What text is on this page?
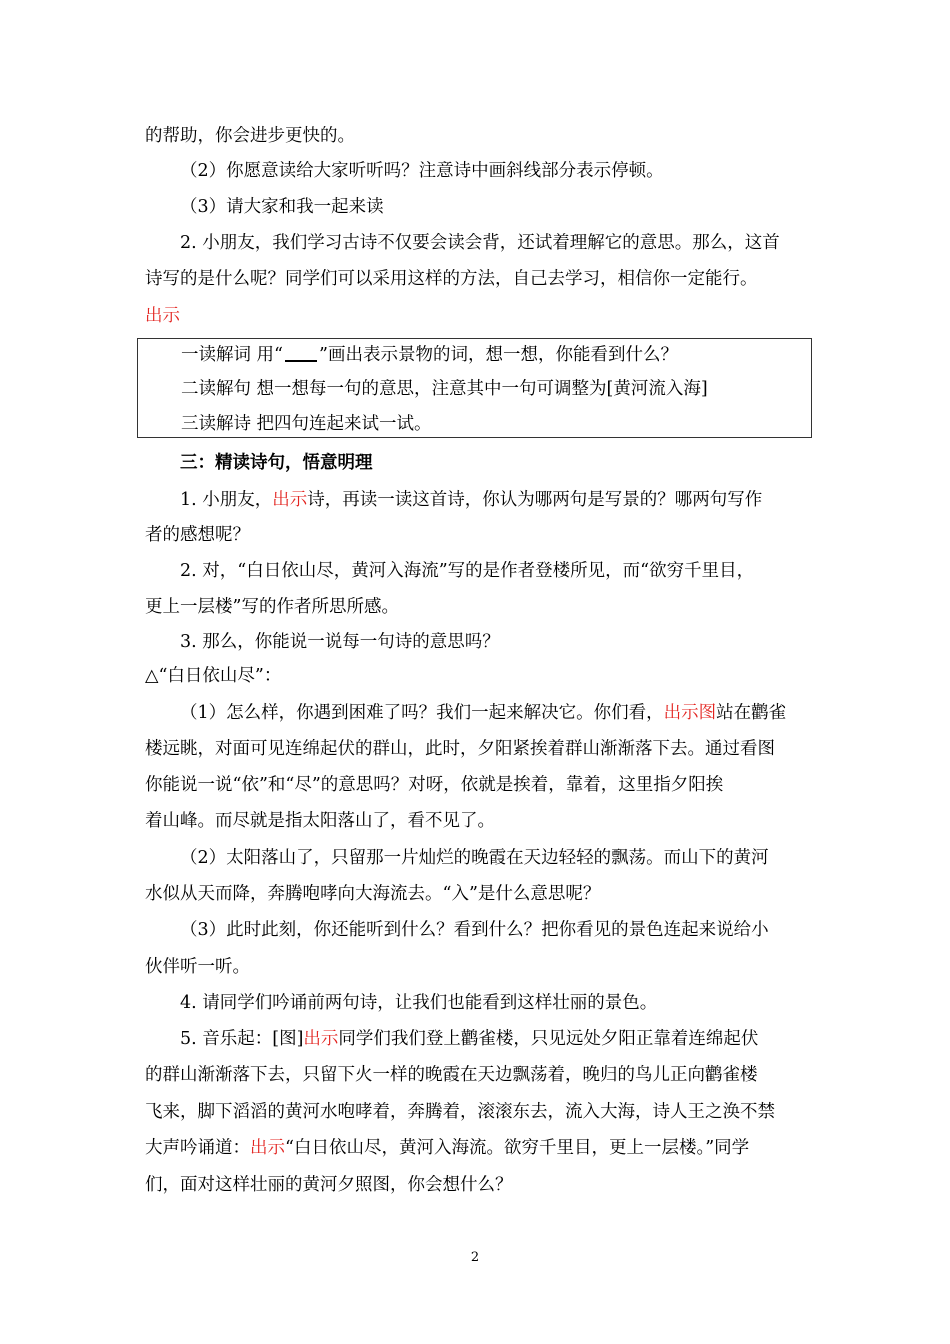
的帮助，你会进步更快的。
（2）你愿意读给大家听听吗？注意诗中画斜线部分表示停顿。
（3）请大家和我一起来读
2. 小朋友，我们学习古诗不仅要会读会背，还试着理解它的意思。那么，这首
诗写的是什么呢？同学们可以采用这样的方法，自己去学习，相信你一定能行。
出示
一读解词 用“ ”画出表示景物的词，想一想，你能看到什么？
二读解句 想一想每一句的意思，注意其中一句可调整为[黄河流入海]
三读解诗 把四句连起来试一试。
三：精读诗句，悟意明理
1. 小朋友，出示诗，再读一读这首诗，你认为哪两句是写景的？哪两句写作
者的感想呢？
2. 对，“白日依山尽，黄河入海流”写的是作者登楼所见，而“欲穷千里目，
更上一层楼”写的作者所思所感。
3. 那么，你能说一说每一句诗的意思吗？
△“白日依山尽”：
（1）怎么样，你遇到困难了吗？我们一起来解决它。你们看，出示图站在鹳雀
楼远眺，对面可见连绵起伏的群山，此时，夕阳紧挨着群山渐渐落下去。通过看图
你能说一说“依”和“尽”的意思吗？对呀，依就是挨着，靠着，这里指夕阳挨
着山峰。而尽就是指太阳落山了，看不见了。
（2）太阳落山了，只留那一片灿烂的晚霞在天边轻轻的飘荡。而山下的黄河
水似从天而降，奔腾咆哮向大海流去。“入”是什么意思呢？
（3）此时此刻，你还能听到什么？看到什么？把你看见的景色连起来说给小
伙伴听一听。
4. 请同学们吟诵前两句诗，让我们也能看到这样壮丽的景色。
5. 音乐起：[图]出示同学们我们登上鹳雀楼，只见远处夕阳正靠着连绵起伏
的群山渐渐落下去，只留下火一样的晚霞在天边飘荡着，晚归的鸟儿正向鹳雀楼
飞来，脚下滔滔的黄河水咆哮着，奔腾着，滚滚东去，流入大海，诗人王之涣不禁
大声吟诵道：出示“白日依山尽，黄河入海流。欲穷千里目，更上一层楼。”同学
们，面对这样壮丽的黄河夕照图，你会想什么？
2
